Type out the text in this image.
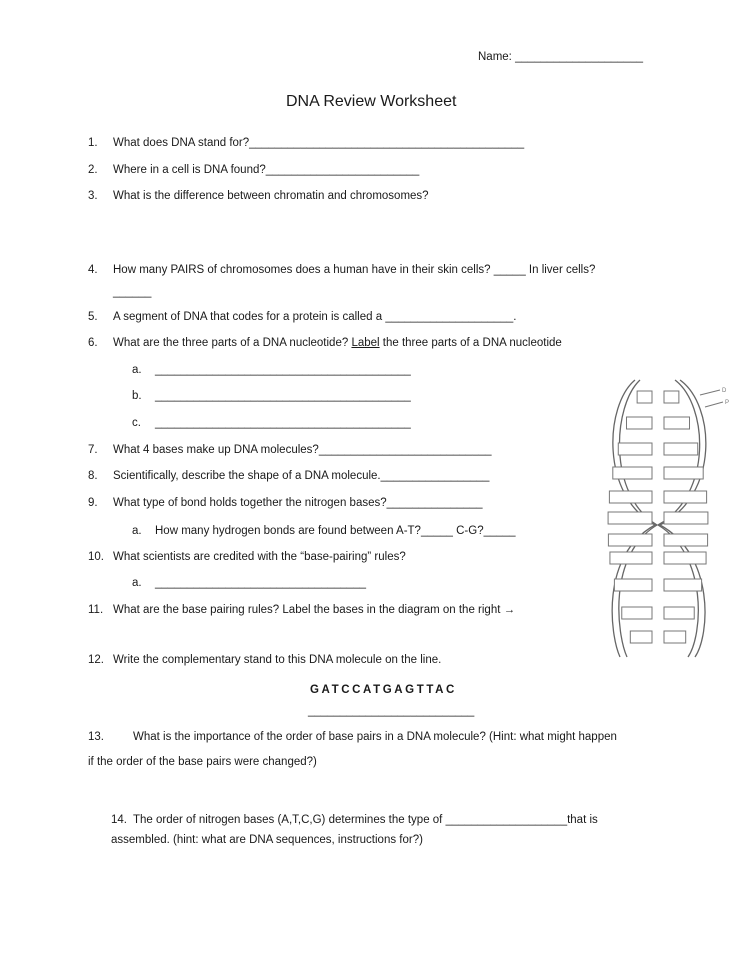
Name: ____________________
DNA Review Worksheet
1. What does DNA stand for?___________________________________________
2. Where in a cell is DNA found?________________________
3. What is the difference between chromatin and chromosomes?
4. How many PAIRS of chromosomes does a human have in their skin cells? _____ In liver cells?
______
5. A segment of DNA that codes for a protein is called a ____________________.
6. What are the three parts of a DNA nucleotide? Label the three parts of a DNA nucleotide
a. ________________________________________
b. ________________________________________
c. ________________________________________
7. What 4 bases make up DNA molecules?___________________________
8. Scientifically, describe the shape of a DNA molecule._________________
9. What type of bond holds together the nitrogen bases?_______________
a. How many hydrogen bonds are found between A-T?_____ C-G?_____
10. What scientists are credited with the “base-pairing” rules?
a. _________________________________
11. What are the base pairing rules? Label the bases in the diagram on the right →
12. Write the complementary stand to this DNA molecule on the line.
GATCCATGAGTTAC
__________________________
13.	What is the importance of the order of base pairs in a DNA molecule? (Hint: what might happen
if the order of the base pairs were changed?)
14. The order of nitrogen bases (A,T,C,G) determines the type of ___________________that is
assembled. (hint: what are DNA sequences, instructions for?)
D
P
